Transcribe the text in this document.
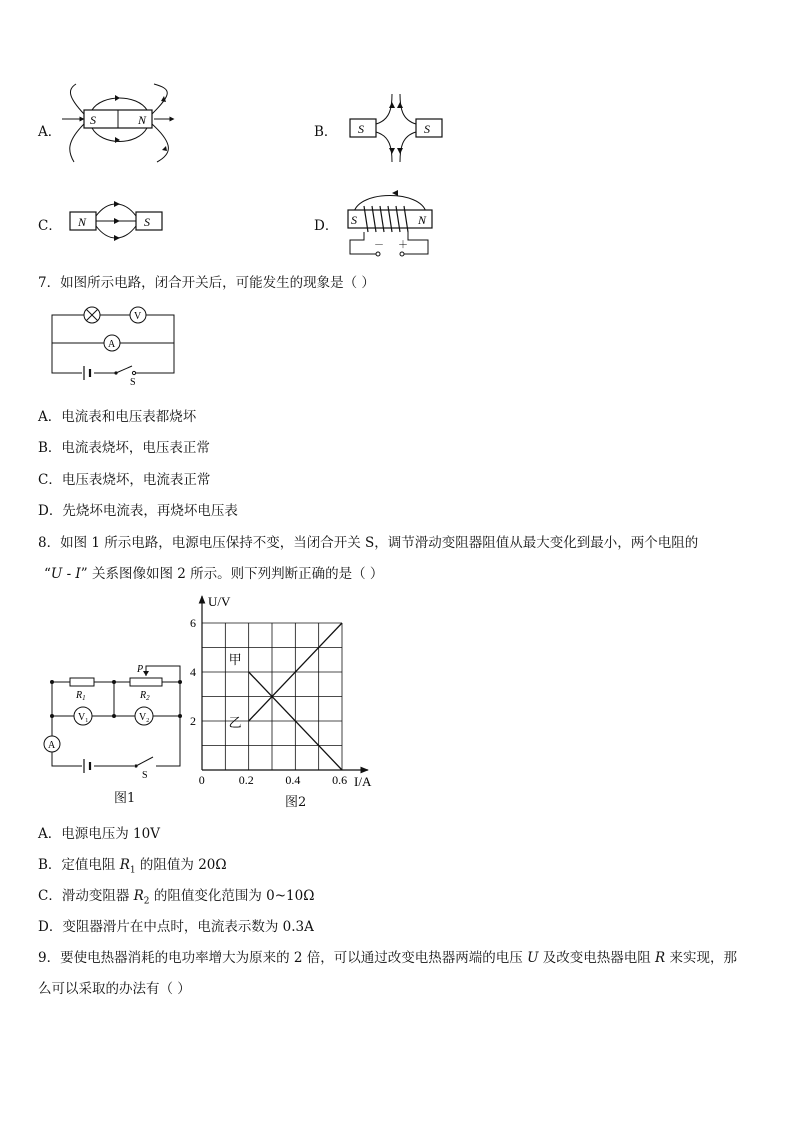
A．
S	N
B． S	S
C． N	S	D． S	N
－ ＋
7．如图所示电路，闭合开关后，可能发生的现象是（ ）
V
A
S
A．电流表和电压表都烧坏
B．电流表烧坏，电压表正常
C．电压表烧坏，电流表正常
D．先烧坏电流表，再烧坏电压表
8．如图 1 所示电路，电源电压保持不变，当闭合开关 S，调节滑动变阻器阻值从最大变化到最小，两个电阻的
“U - I” 关系图像如图 2 所示。则下列判断正确的是（ ）
$R_1$	$R_2$
P
$V_1$	$V_2$
A
S
图1
U/V
I/A
0	0.2	0.4	0.6
2
4
6
甲
乙
图2
A．电源电压为 10V
B．定值电阻 $R_1$ 的阻值为 20Ω
C．滑动变阻器 $R_2$ 的阻值变化范围为 0~10Ω
D．变阻器滑片在中点时，电流表示数为 0.3A
9．要使电热器消耗的电功率增大为原来的 2 倍，可以通过改变电热器两端的电压 U 及改变电热器电阻 R 来实现，那
么可以采取的办法有（ ）
